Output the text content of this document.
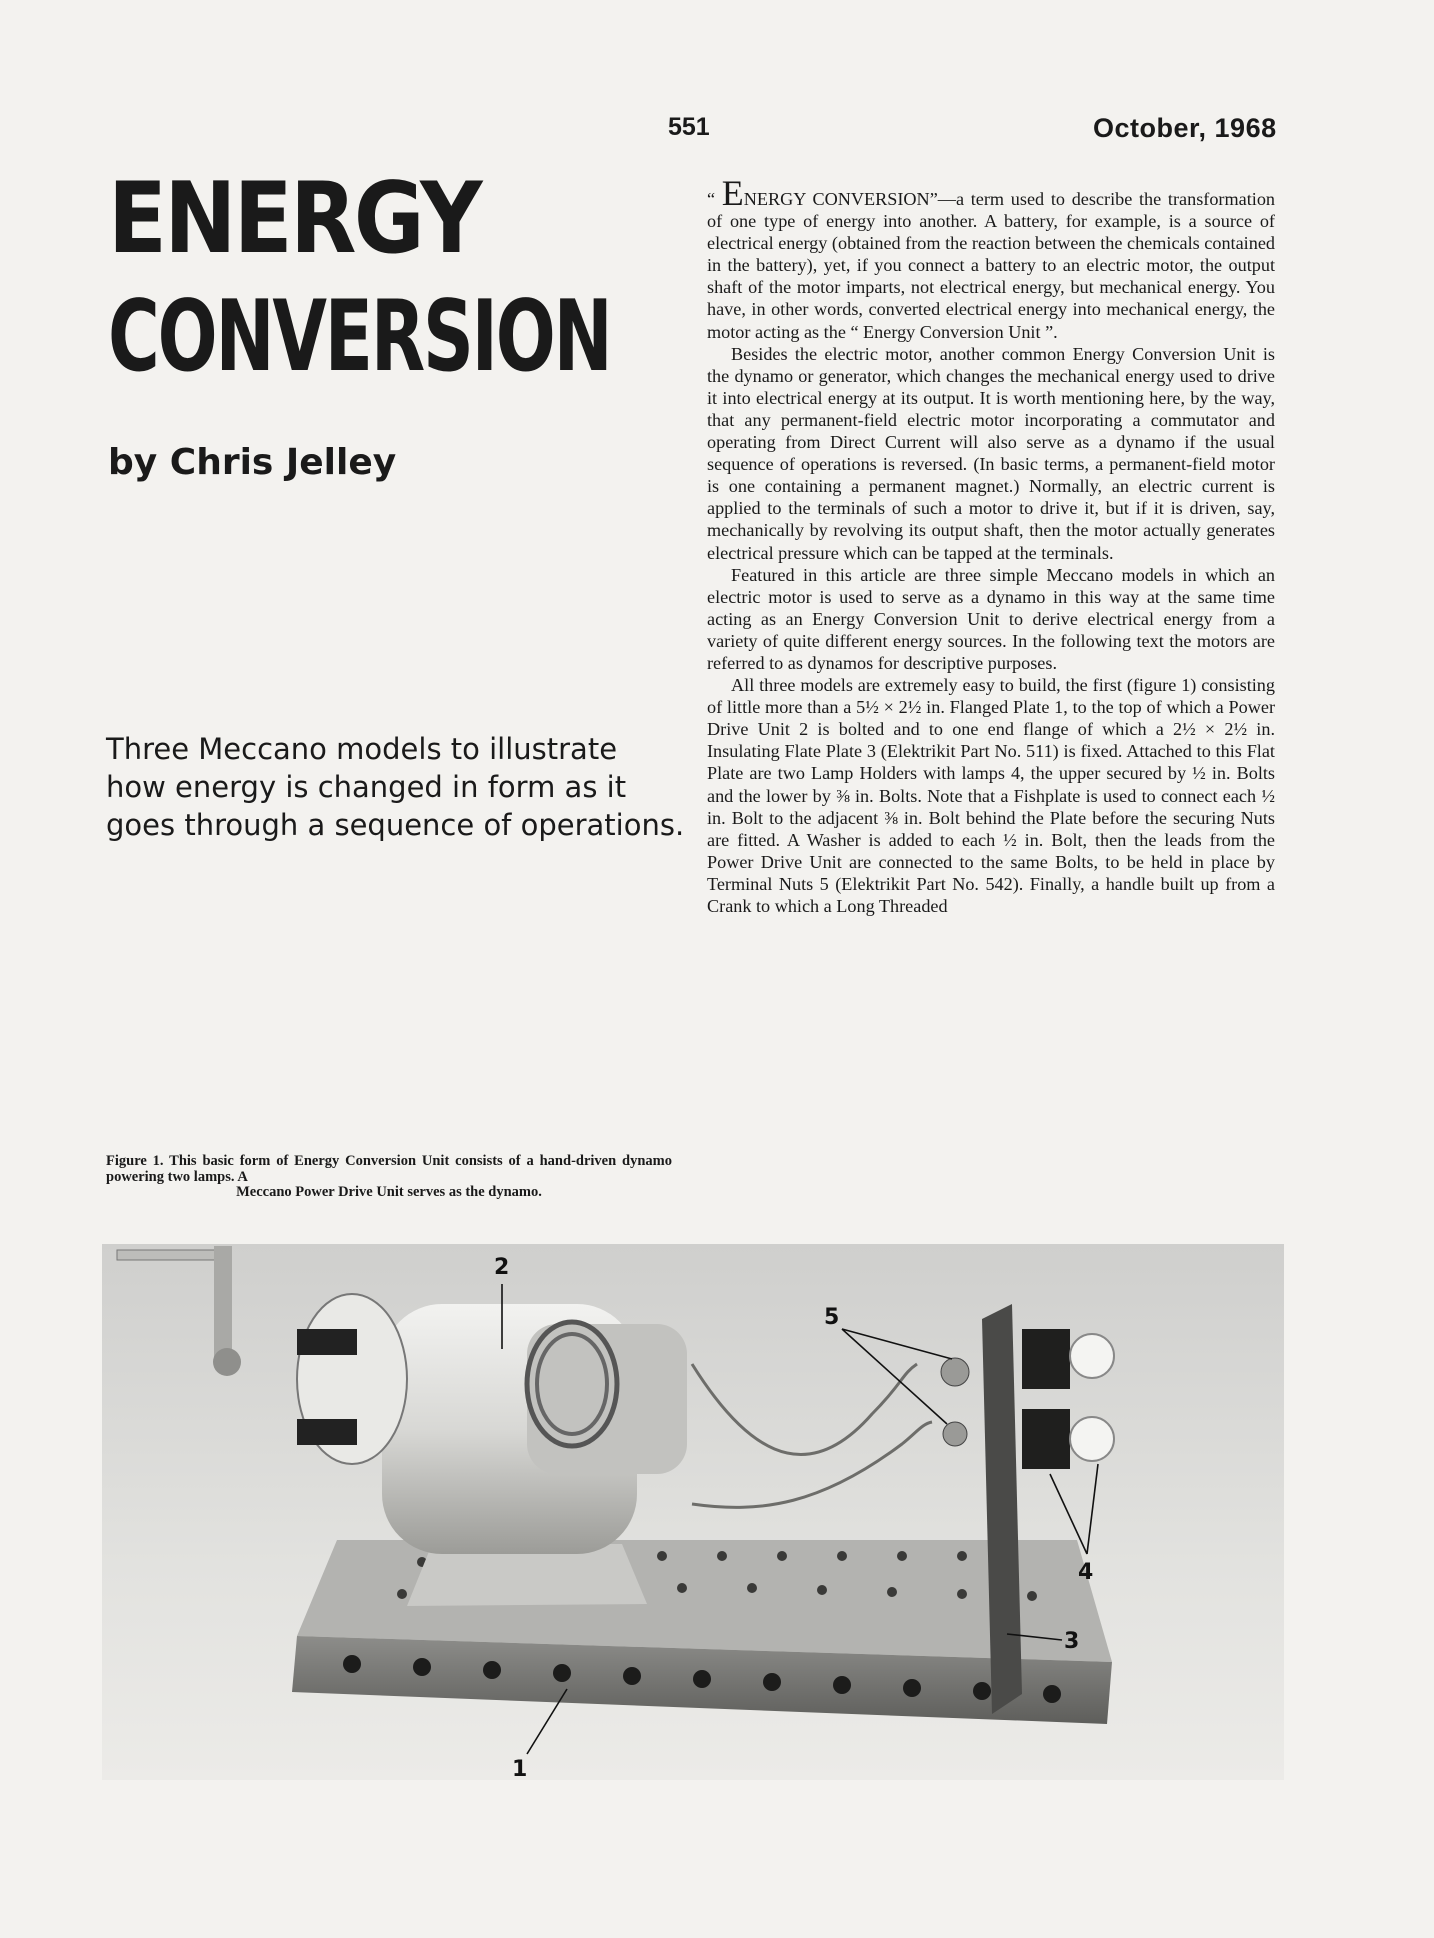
551	October, 1968
ENERGY
CONVERSION
by Chris Jelley
Three Meccano models to illustrate how energy is changed in form as it goes through a sequence of operations.
Figure 1. This basic form of Energy Conversion Unit consists of a hand-driven dynamo powering two lamps. A
Meccano Power Drive Unit serves as the dynamo.

“ ENERGY CONVERSION”—a term used to describe the transformation of one type of energy into another. A battery, for example, is a source of electrical energy (obtained from the reaction between the chemicals contained in the battery), yet, if you connect a battery to an electric motor, the output shaft of the motor imparts, not electrical energy, but mechanical energy. You have, in other words, converted electrical energy into mechanical energy, the motor acting as the “ Energy Conversion Unit ”.

Besides the electric motor, another common Energy Conversion Unit is the dynamo or generator, which changes the mechanical energy used to drive it into electrical energy at its output. It is worth mentioning here, by the way, that any permanent-field electric motor incorporating a commutator and operating from Direct Current will also serve as a dynamo if the usual sequence of operations is reversed. (In basic terms, a permanent-field motor is one containing a permanent magnet.) Normally, an electric current is applied to the terminals of such a motor to drive it, but if it is driven, say, mechanically by revolving its output shaft, then the motor actually generates electrical pressure which can be tapped at the terminals.

Featured in this article are three simple Meccano models in which an electric motor is used to serve as a dynamo in this way at the same time acting as an Energy Conversion Unit to derive electrical energy from a variety of quite different energy sources. In the following text the motors are referred to as dynamos for descriptive purposes.

All three models are extremely easy to build, the first (figure 1) consisting of little more than a 5½ × 2½ in. Flanged Plate 1, to the top of which a Power Drive Unit 2 is bolted and to one end flange of which a 2½ × 2½ in. Insulating Flate Plate 3 (Elektrikit Part No. 511) is fixed. Attached to this Flat Plate are two Lamp Holders with lamps 4, the upper secured by ½ in. Bolts and the lower by ⅜ in. Bolts. Note that a Fishplate is used to connect each ½ in. Bolt to the adjacent ⅜ in. Bolt behind the Plate before the securing Nuts are fitted. A Washer is added to each ½ in. Bolt, then the leads from the Power Drive Unit are connected to the same Bolts, to be held in place by Terminal Nuts 5 (Elektrikit Part No. 542). Finally, a handle built up from a Crank to which a Long Threaded

2
5
4
3
1
